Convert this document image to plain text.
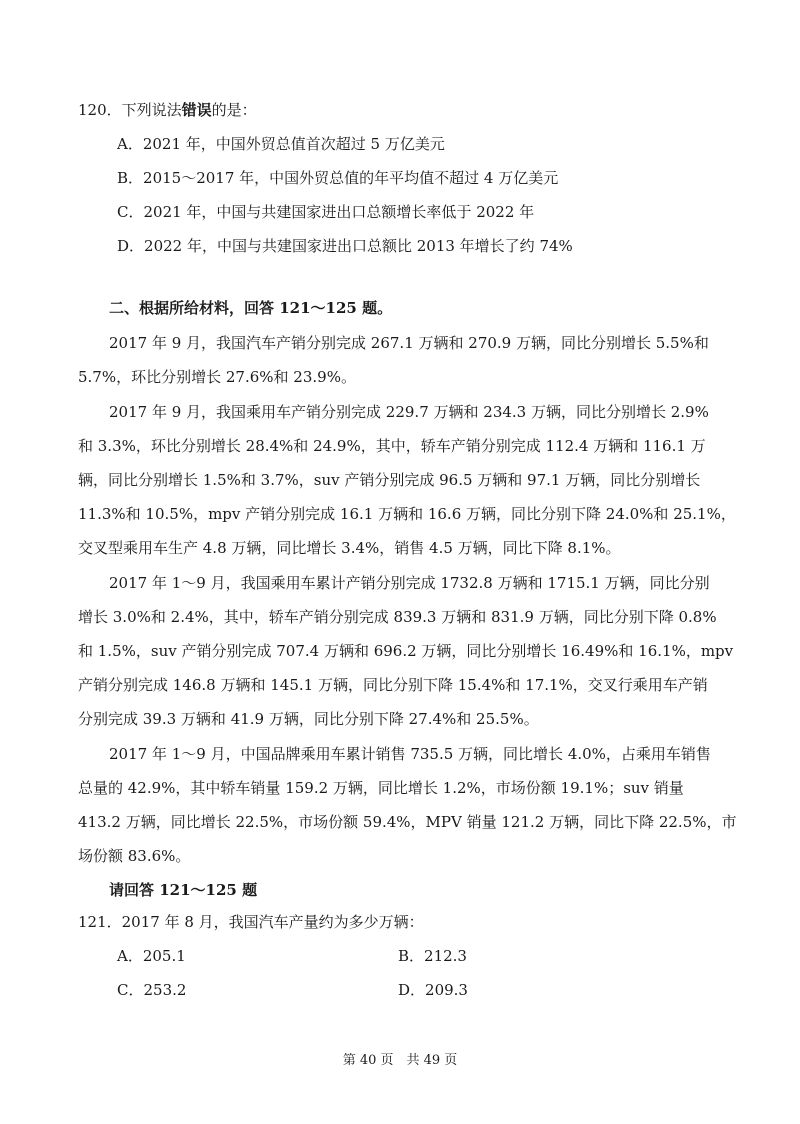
120．下列说法错误的是：
A．2021 年，中国外贸总值首次超过 5 万亿美元
B．2015～2017 年，中国外贸总值的年平均值不超过 4 万亿美元
C．2021 年，中国与共建国家进出口总额增长率低于 2022 年
D．2022 年，中国与共建国家进出口总额比 2013 年增长了约 74%
二、根据所给材料，回答 121～125 题。
2017 年 9 月，我国汽车产销分别完成 267.1 万辆和 270.9 万辆，同比分别增长 5.5%和
5.7%，环比分别增长 27.6%和 23.9%。
2017 年 9 月，我国乘用车产销分别完成 229.7 万辆和 234.3 万辆，同比分别增长 2.9%
和 3.3%，环比分别增长 28.4%和 24.9%，其中，轿车产销分别完成 112.4 万辆和 116.1 万
辆，同比分别增长 1.5%和 3.7%，suv 产销分别完成 96.5 万辆和 97.1 万辆，同比分别增长
11.3%和 10.5%，mpv 产销分别完成 16.1 万辆和 16.6 万辆，同比分别下降 24.0%和 25.1%，
交叉型乘用车生产 4.8 万辆，同比增长 3.4%，销售 4.5 万辆，同比下降 8.1%。
2017 年 1～9 月，我国乘用车累计产销分别完成 1732.8 万辆和 1715.1 万辆，同比分别
增长 3.0%和 2.4%，其中，轿车产销分别完成 839.3 万辆和 831.9 万辆，同比分别下降 0.8%
和 1.5%，suv 产销分别完成 707.4 万辆和 696.2 万辆，同比分别增长 16.49%和 16.1%，mpv
产销分别完成 146.8 万辆和 145.1 万辆，同比分别下降 15.4%和 17.1%，交叉行乘用车产销
分别完成 39.3 万辆和 41.9 万辆，同比分别下降 27.4%和 25.5%。
2017 年 1～9 月，中国品牌乘用车累计销售 735.5 万辆，同比增长 4.0%，占乘用车销售
总量的 42.9%，其中轿车销量 159.2 万辆，同比增长 1.2%，市场份额 19.1%；suv 销量
413.2 万辆，同比增长 22.5%，市场份额 59.4%，MPV 销量 121.2 万辆，同比下降 22.5%，市
场份额 83.6%。
请回答 121～125 题
121．2017 年 8 月，我国汽车产量约为多少万辆：
A．205.1	B．212.3
C．253.2	D．209.3
第 40 页　共 49 页
